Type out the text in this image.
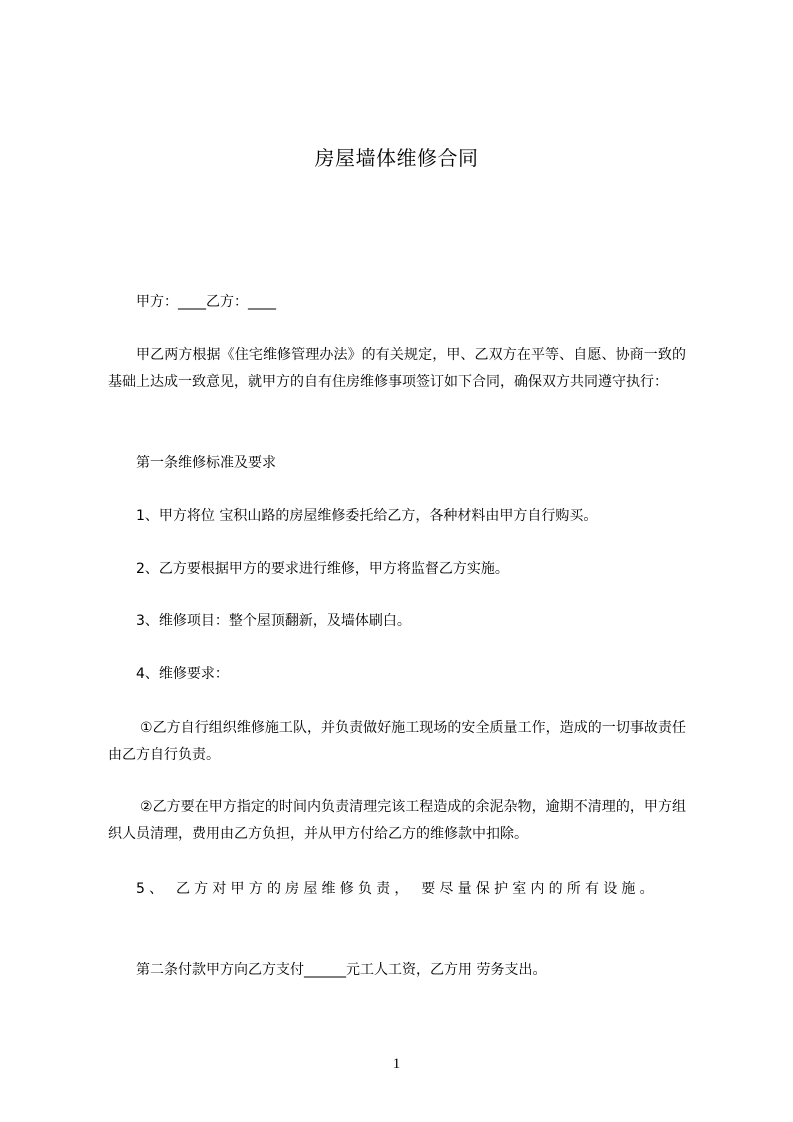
房屋墙体维修合同
甲方：____乙方：____
甲乙两方根据《住宅维修管理办法》的有关规定，甲、乙双方在平等、自愿、协商一致的基础上达成一致意见，就甲方的自有住房维修事项签订如下合同，确保双方共同遵守执行：
第一条维修标准及要求
1、甲方将位 宝积山路的房屋维修委托给乙方，各种材料由甲方自行购买。
2、乙方要根据甲方的要求进行维修，甲方将监督乙方实施。
3、维修项目：整个屋顶翻新，及墙体刷白。
4、维修要求：
①乙方自行组织维修施工队，并负责做好施工现场的安全质量工作，造成的一切事故责任由乙方自行负责。
②乙方要在甲方指定的时间内负责清理完该工程造成的余泥杂物，逾期不清理的，甲方组织人员清理，费用由乙方负担，并从甲方付给乙方的维修款中扣除。
5、 乙方对甲方的房屋维修负责， 要尽量保护室内的所有设施。
第二条付款甲方向乙方支付______元工人工资，乙方用 劳务支出。
1
